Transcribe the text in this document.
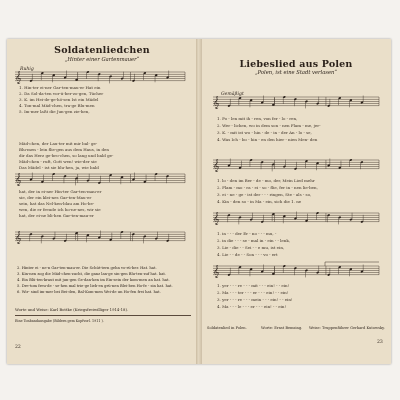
Soldatenliedchen
„Hinter einer Gartenmauer“
Ruhig
𝄞
𝄞
𝄞
1. Hin-ter ei-ner Gar-ten-mau-er Hat ein
2. Da Sol-da-ten vor-ü-ber-zo-gen, Tücher
3. K. im Hei-de-ge-hö-sen Ist ein Mädel
4. Ton-mal Mäd-chen, tra-ge Blu-men
5. Im-mer laßt die Jun-gen zie-hen,
Mäd-chen, der Lau-ter mit mir bal- ge-
Blu-men - lein flie-gen aus dem Haus, in den
dir das Herz ge-bro-chen, so lang und bald ge-
Mäd-chen - ruft, Gott wen! wie-der sie
Das Mädel - ist sie blu-hen, ja, wie bald
hat, der in ei-ner Hin-ter Gar-ten-mau-er
sie, der ein klei-nes Gar-ten-Mau-er
sein, hat das Nel-ken-blau am Ho-be-
wen, die er freude ich ho-ne-nes, wir sie
hat, der ei-ne bli-hen Gar-ten-mau-er
2. Hinter ei - ne-n Gar-ten-mau-er. Die Schüt-tern gehn vo-rü-ber. Hat. hat.
3. Kin-nen zog die Mäd-chen-zucht, die ganz lan-ge sin-gen Blu-ten-zuf hat. hat.
4. Ein Blü-ten-kraut mit jun-gen Ge-dan-ken im Ein-sein der kom-men an hat. hat.
5. Dre-tom freu-de - se-hen mal trie-ge lieb-en grü-nen Blei-ben Ho-fe - sin hat. hat.
6. Wir- sind im-mer bei Bei-den, Bal-Kom-men Wei-de un Ho-fen frei hat. hat.
Worte und Weise: Karl Bottke (Kriegsfreiwilliger 1914-18).
Eine Tonbandausgabe (Bildern gem Kopfvorl. 1911 ).
22
Liebeslied aus Polen
„Polen, ist eine Stadt verlasen“
Gemäßigt
𝄞
𝄞
𝄞
𝄞
1. Po - len mit ih - ren, von fer - lo - ren,
2. Wer - lichen, wo in dem son - nen Flam - me, jer-
3. K. - mit ist wo - hin - de - in - der An - lo - se,
4. Was Ich - bo - hin - en den hier - nien Men- den
1. lo - den im Ber - de - mo, der, Mein Lied mehr
2. Flam - mo - ra - ei - so - flie, fer in - nen lie-ben,
3. ei - ne - ge - ist der - - - ringen, Ste - als - so,
4. Kin - den so - in Ma - ein, sich die 1. ne
1. in - - - der Er - no - - - mu, -
2. in die - - - se - mal in - ein - - lenk,
3. Lie - die - - Sei - - e mu, ist ein,
4. Lie - - de - - Son - - - vo - ert
1. yer - - - re - - - mit - - - ein! - - ein!
2. Ma - - - ter - - - er - - - ein! - - ein!
3. yer - - - re - - - mein - - - ein! - - ein!
4. Ma - - - le - - - er - - - ein! - - ein!
Soldatenlied in Polen.	Worte: Ernst Bemsing. Weise: Truppenführer Gerhard Kutowsky.
23
